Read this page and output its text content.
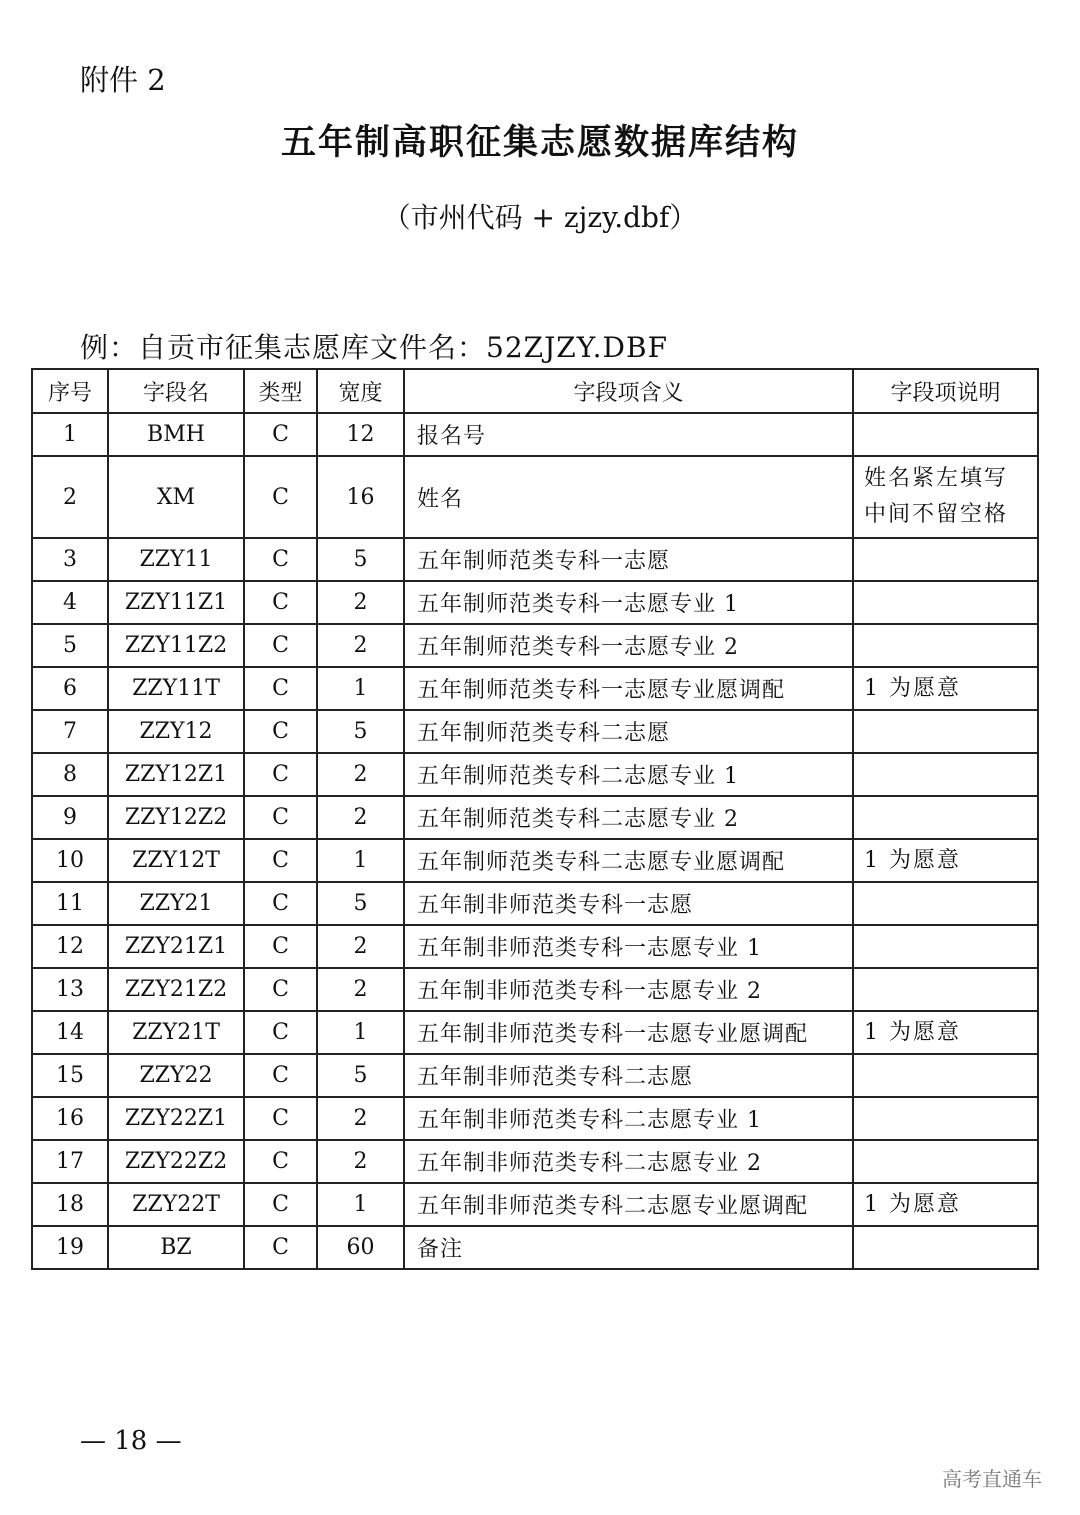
附件 2
五年制高职征集志愿数据库结构
（市州代码 + zjzy.dbf）
例：自贡市征集志愿库文件名：52ZJZY.DBF
序号	字段名	类型	宽度	字段项含义	字段项说明
1	BMH	C	12	报名号	
2	XM	C	16	姓名	姓名紧左填写
中间不留空格
3	ZZY11	C	5	五年制师范类专科一志愿	
4	ZZY11Z1	C	2	五年制师范类专科一志愿专业 1	
5	ZZY11Z2	C	2	五年制师范类专科一志愿专业 2	
6	ZZY11T	C	1	五年制师范类专科一志愿专业愿调配	1 为愿意
7	ZZY12	C	5	五年制师范类专科二志愿	
8	ZZY12Z1	C	2	五年制师范类专科二志愿专业 1	
9	ZZY12Z2	C	2	五年制师范类专科二志愿专业 2	
10	ZZY12T	C	1	五年制师范类专科二志愿专业愿调配	1 为愿意
11	ZZY21	C	5	五年制非师范类专科一志愿	
12	ZZY21Z1	C	2	五年制非师范类专科一志愿专业 1	
13	ZZY21Z2	C	2	五年制非师范类专科一志愿专业 2	
14	ZZY21T	C	1	五年制非师范类专科一志愿专业愿调配	1 为愿意
15	ZZY22	C	5	五年制非师范类专科二志愿	
16	ZZY22Z1	C	2	五年制非师范类专科二志愿专业 1	
17	ZZY22Z2	C	2	五年制非师范类专科二志愿专业 2	
18	ZZY22T	C	1	五年制非师范类专科二志愿专业愿调配	1 为愿意
19	BZ	C	60	备注	
— 18 —
高考直通车
